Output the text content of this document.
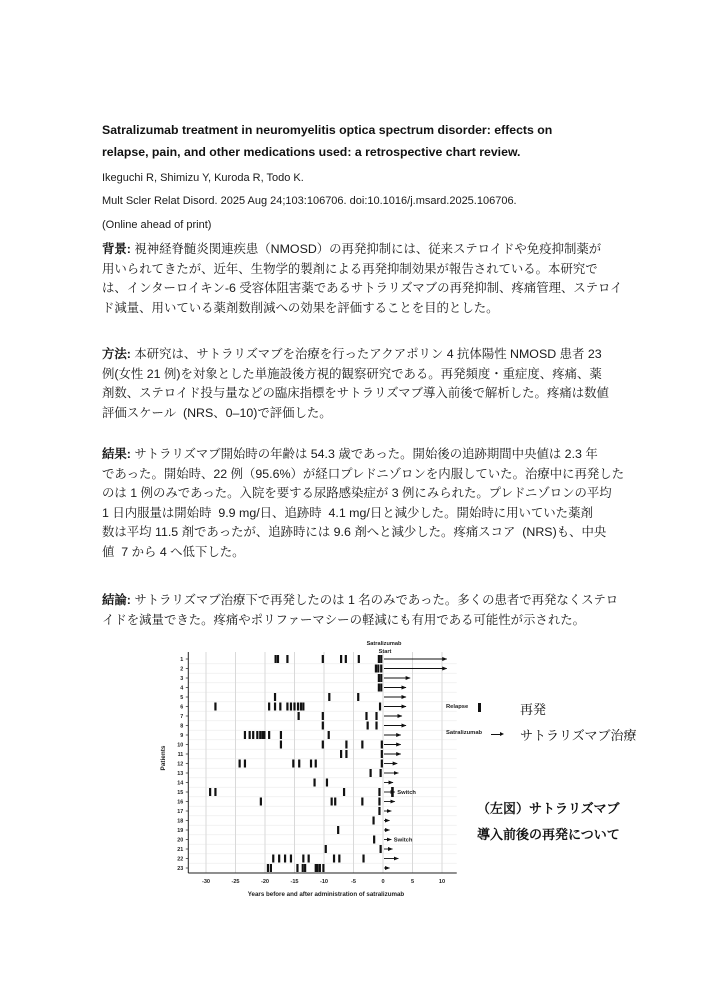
Satralizumab treatment in neuromyelitis optica spectrum disorder: effects on
relapse, pain, and other medications used: a retrospective chart review.
Ikeguchi R, Shimizu Y, Kuroda R, Todo K.
Mult Scler Relat Disord. 2025 Aug 24;103:106706. doi:10.1016/j.msard.2025.106706.
(Online ahead of print)
背景: 視神経脊髄炎関連疾患（NMOSD）の再発抑制には、従来ステロイドや免疫抑制薬が
用いられてきたが、近年、生物学的製剤による再発抑制効果が報告されている。本研究で
は、インターロイキン-6 受容体阻害薬であるサトラリズマブの再発抑制、疼痛管理、ステロイ
ド減量、用いている薬剤数削減への効果を評価することを目的とした。
方法: 本研究は、サトラリズマブを治療を行ったアクアポリン 4 抗体陽性 NMOSD 患者 23
例(女性 21 例)を対象とした単施設後方視的観察研究である。再発頻度・重症度、疼痛、薬
剤数、ステロイド投与量などの臨床指標をサトラリズマブ導入前後で解析した。疼痛は数値
評価スケール  (NRS、0–10)で評価した。
結果: サトラリズマブ開始時の年齢は 54.3 歳であった。開始後の追跡期間中央値は 2.3 年
であった。開始時、22 例（95.6%）が経口プレドニゾロンを内服していた。治療中に再発した
のは 1 例のみであった。入院を要する尿路感染症が 3 例にみられた。プレドニゾロンの平均
1 日内服量は開始時  9.9 mg/日、追跡時  4.1 mg/日と減少した。開始時に用いていた薬剤
数は平均 11.5 剤であったが、追跡時には 9.6 剤へと減少した。疼痛スコア  (NRS)も、中央
値  7 から 4 へ低下した。
結論: サトラリズマブ治療下で再発したのは 1 名のみであった。多くの患者で再発なくステロ
イドを減量できた。疼痛やポリファーマシーの軽減にも有用である可能性が示された。
-30	-25	-20	-15	-10	-5	0	5	10
1
2
3
4
5
6
7
8
9
10
11
12
13
14
15
16
17
18
19
20
21
22
23
Switch
Switch
Satralizumab
Start
Years before and after administration of satralizumab
Patients
Relapse	再発
Satralizumab	サトラリズマブ治療
（左図）サトラリズマブ
導入前後の再発について
